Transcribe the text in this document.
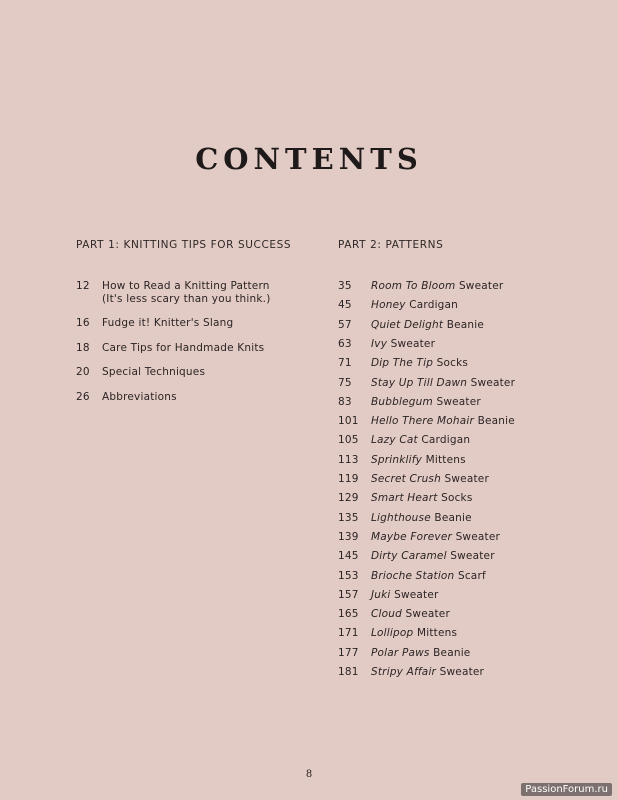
CONTENTS
PART 1: KNITTING TIPS FOR SUCCESS	PART 2: PATTERNS
12 How to Read a Knitting Pattern
(It's less scary than you think.)
16 Fudge it! Knitter's Slang
18 Care Tips for Handmade Knits
20 Special Techniques
26 Abbreviations
35 Room To Bloom Sweater
45 Honey Cardigan
57 Quiet Delight Beanie
63 Ivy Sweater
71 Dip The Tip Socks
75 Stay Up Till Dawn Sweater
83 Bubblegum Sweater
101 Hello There Mohair Beanie
105 Lazy Cat Cardigan
113 Sprinklify Mittens
119 Secret Crush Sweater
129 Smart Heart Socks
135 Lighthouse Beanie
139 Maybe Forever Sweater
145 Dirty Caramel Sweater
153 Brioche Station Scarf
157 Juki Sweater
165 Cloud Sweater
171 Lollipop Mittens
177 Polar Paws Beanie
181 Stripy Affair Sweater
8
PassionForum.ru
